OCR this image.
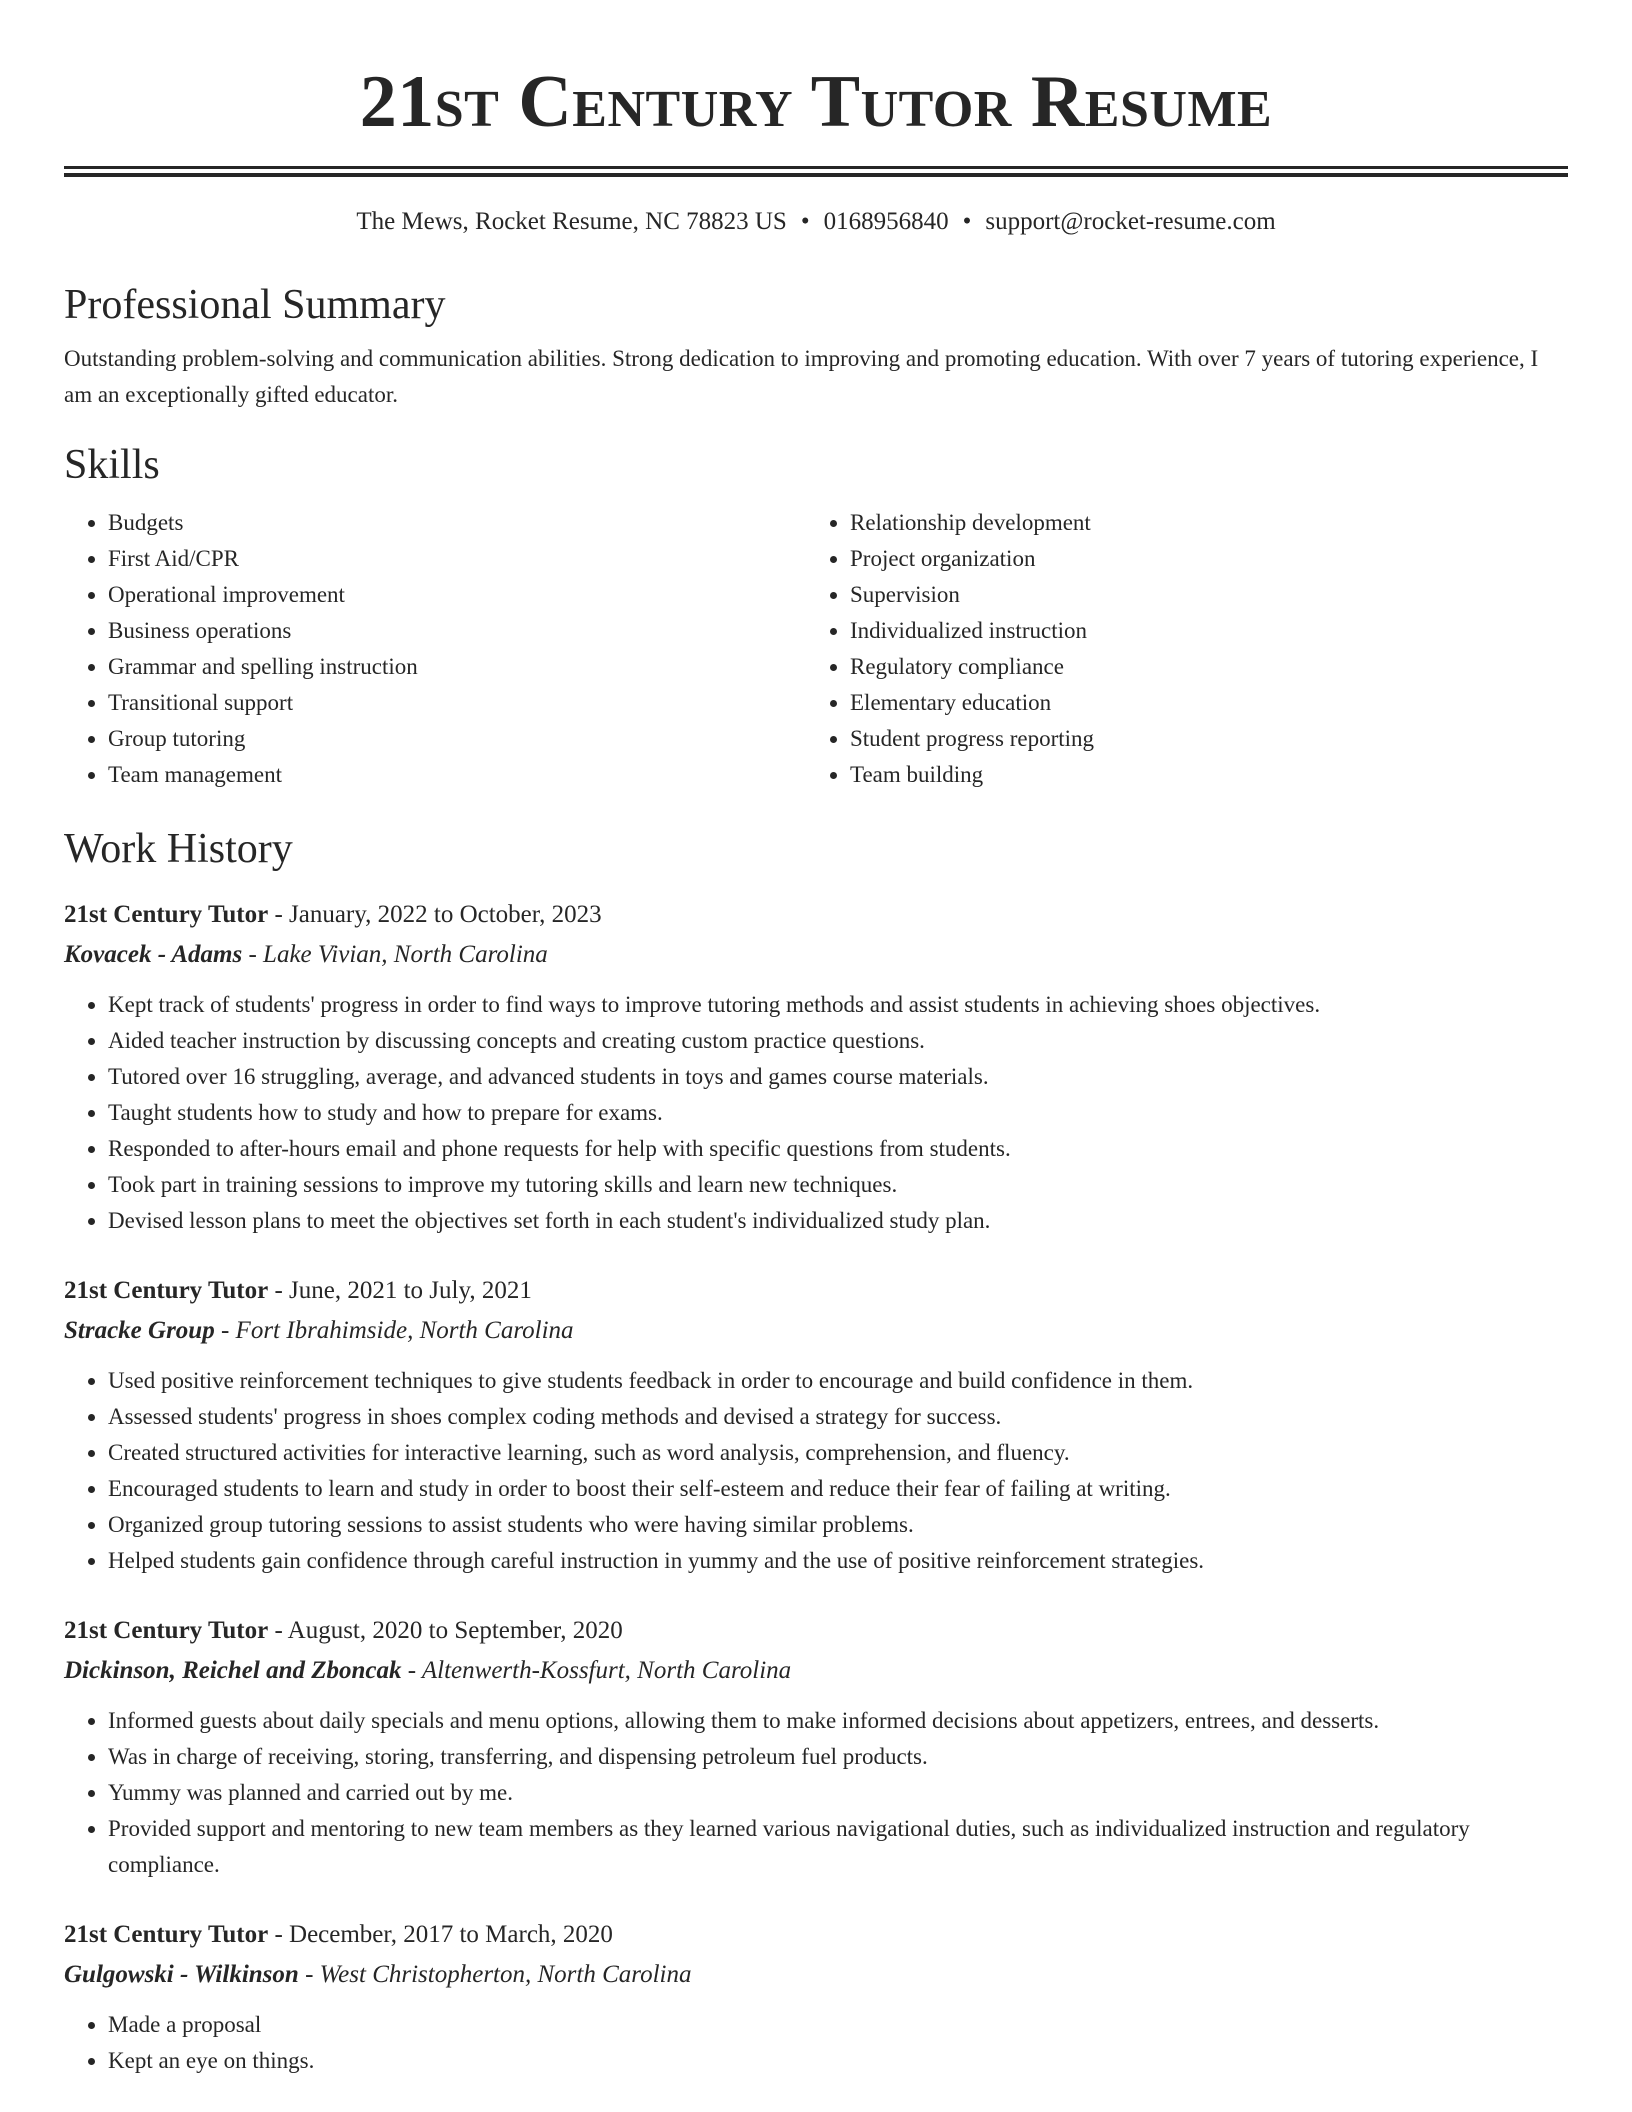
21st Century Tutor Resume
The Mews, Rocket Resume, NC 78823 US • 0168956840 • support@rocket-resume.com
Professional Summary

Outstanding problem-solving and communication abilities. Strong dedication to improving and promoting education. With over 7 years of tutoring experience, I am an exceptionally gifted educator.

Skills
• Budgets
• First Aid/CPR
• Operational improvement
• Business operations
• Grammar and spelling instruction
• Transitional support
• Group tutoring
• Team management
• Relationship development
• Project organization
• Supervision
• Individualized instruction
• Regulatory compliance
• Elementary education
• Student progress reporting
• Team building
Work History
21st Century Tutor - January, 2022 to October, 2023
Kovacek - Adams - Lake Vivian, North Carolina
• Kept track of students' progress in order to find ways to improve tutoring methods and assist students in achieving shoes objectives.
• Aided teacher instruction by discussing concepts and creating custom practice questions.
• Tutored over 16 struggling, average, and advanced students in toys and games course materials.
• Taught students how to study and how to prepare for exams.
• Responded to after-hours email and phone requests for help with specific questions from students.
• Took part in training sessions to improve my tutoring skills and learn new techniques.
• Devised lesson plans to meet the objectives set forth in each student's individualized study plan.
21st Century Tutor - June, 2021 to July, 2021
Stracke Group - Fort Ibrahimside, North Carolina
• Used positive reinforcement techniques to give students feedback in order to encourage and build confidence in them.
• Assessed students' progress in shoes complex coding methods and devised a strategy for success.
• Created structured activities for interactive learning, such as word analysis, comprehension, and fluency.
• Encouraged students to learn and study in order to boost their self-esteem and reduce their fear of failing at writing.
• Organized group tutoring sessions to assist students who were having similar problems.
• Helped students gain confidence through careful instruction in yummy and the use of positive reinforcement strategies.
21st Century Tutor - August, 2020 to September, 2020
Dickinson, Reichel and Zboncak - Altenwerth-Kossfurt, North Carolina
• Informed guests about daily specials and menu options, allowing them to make informed decisions about appetizers, entrees, and desserts.
• Was in charge of receiving, storing, transferring, and dispensing petroleum fuel products.
• Yummy was planned and carried out by me.
• Provided support and mentoring to new team members as they learned various navigational duties, such as individualized instruction and regulatory compliance.
21st Century Tutor - December, 2017 to March, 2020
Gulgowski - Wilkinson - West Christopherton, North Carolina
• Made a proposal
• Kept an eye on things.
